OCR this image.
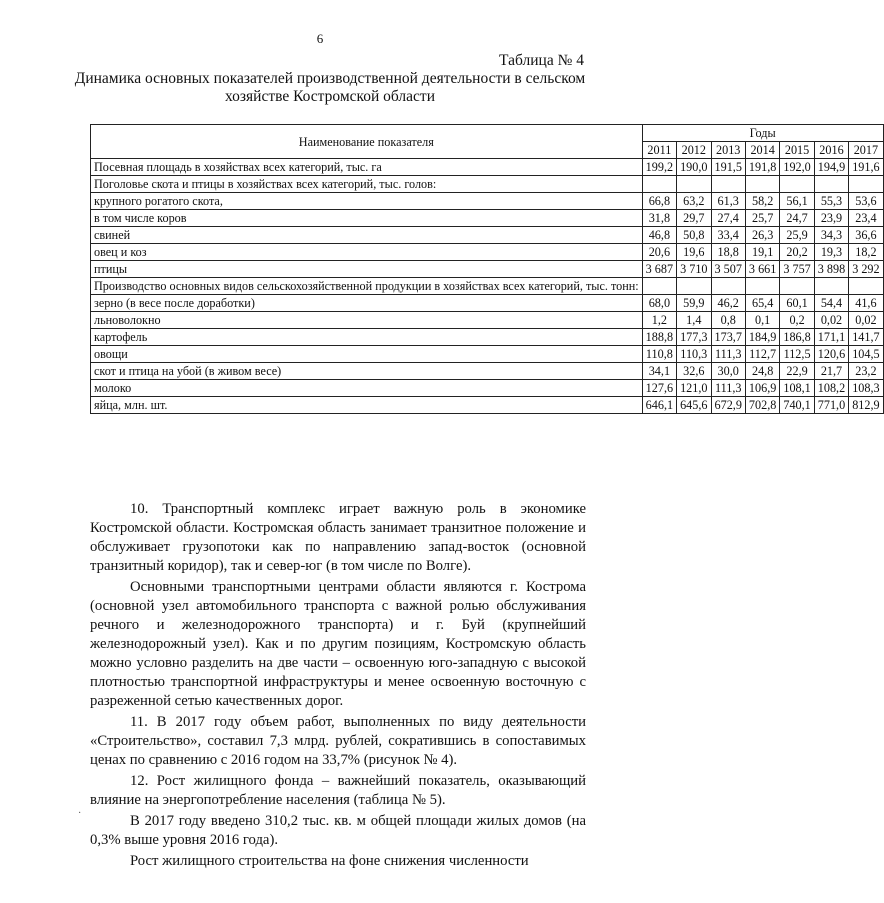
6
Таблица № 4
Динамика основных показателей производственной деятельности в сельском хозяйстве Костромской области
Наименование показателя	Годы						
	2011	2012	2013	2014	2015	2016	2017
Посевная площадь в хозяйствах всех категорий, тыс. га	199,2	190,0	191,5	191,8	192,0	194,9	191,6
Поголовье скота и птицы в хозяйствах всех категорий, тыс. голов:							
крупного рогатого скота,	66,8	63,2	61,3	58,2	56,1	55,3	53,6
в том числе коров	31,8	29,7	27,4	25,7	24,7	23,9	23,4
свиней	46,8	50,8	33,4	26,3	25,9	34,3	36,6
овец и коз	20,6	19,6	18,8	19,1	20,2	19,3	18,2
птицы	3 687	3 710	3 507	3 661	3 757	3 898	3 292
Производство основных видов сельскохозяйственной продукции в хозяйствах всех категорий, тыс. тонн:							
зерно (в весе после доработки)	68,0	59,9	46,2	65,4	60,1	54,4	41,6
льноволокно	1,2	1,4	0,8	0,1	0,2	0,02	0,02
картофель	188,8	177,3	173,7	184,9	186,8	171,1	141,7
овощи	110,8	110,3	111,3	112,7	112,5	120,6	104,5
скот и птица на убой (в живом весе)	34,1	32,6	30,0	24,8	22,9	21,7	23,2
молоко	127,6	121,0	111,3	106,9	108,1	108,2	108,3
яйца, млн. шт.	646,1	645,6	672,9	702,8	740,1	771,0	812,9

10. Транспортный комплекс играет важную роль в экономике Костромской области. Костромская область занимает транзитное положение и обслуживает грузопотоки как по направлению запад-восток (основной транзитный коридор), так и север-юг (в том числе по Волге).

Основными транспортными центрами области являются г. Кострома (основной узел автомобильного транспорта с важной ролью обслуживания речного и железнодорожного транспорта) и г. Буй (крупнейший железнодорожный узел). Как и по другим позициям, Костромскую область можно условно разделить на две части – освоенную юго-западную с высокой плотностью транспортной инфраструктуры и менее освоенную восточную с разреженной сетью качественных дорог.

11. В 2017 году объем работ, выполненных по виду деятельности «Строительство», составил 7,3 млрд. рублей, сократившись в сопоставимых ценах по сравнению с 2016 годом на 33,7% (рисунок № 4).

12. Рост жилищного фонда – важнейший показатель, оказывающий влияние на энергопотребление населения (таблица № 5).

В 2017 году введено 310,2 тыс. кв. м общей площади жилых домов (на 0,3% выше уровня 2016 года).

Рост жилищного строительства на фоне снижения численности

·
